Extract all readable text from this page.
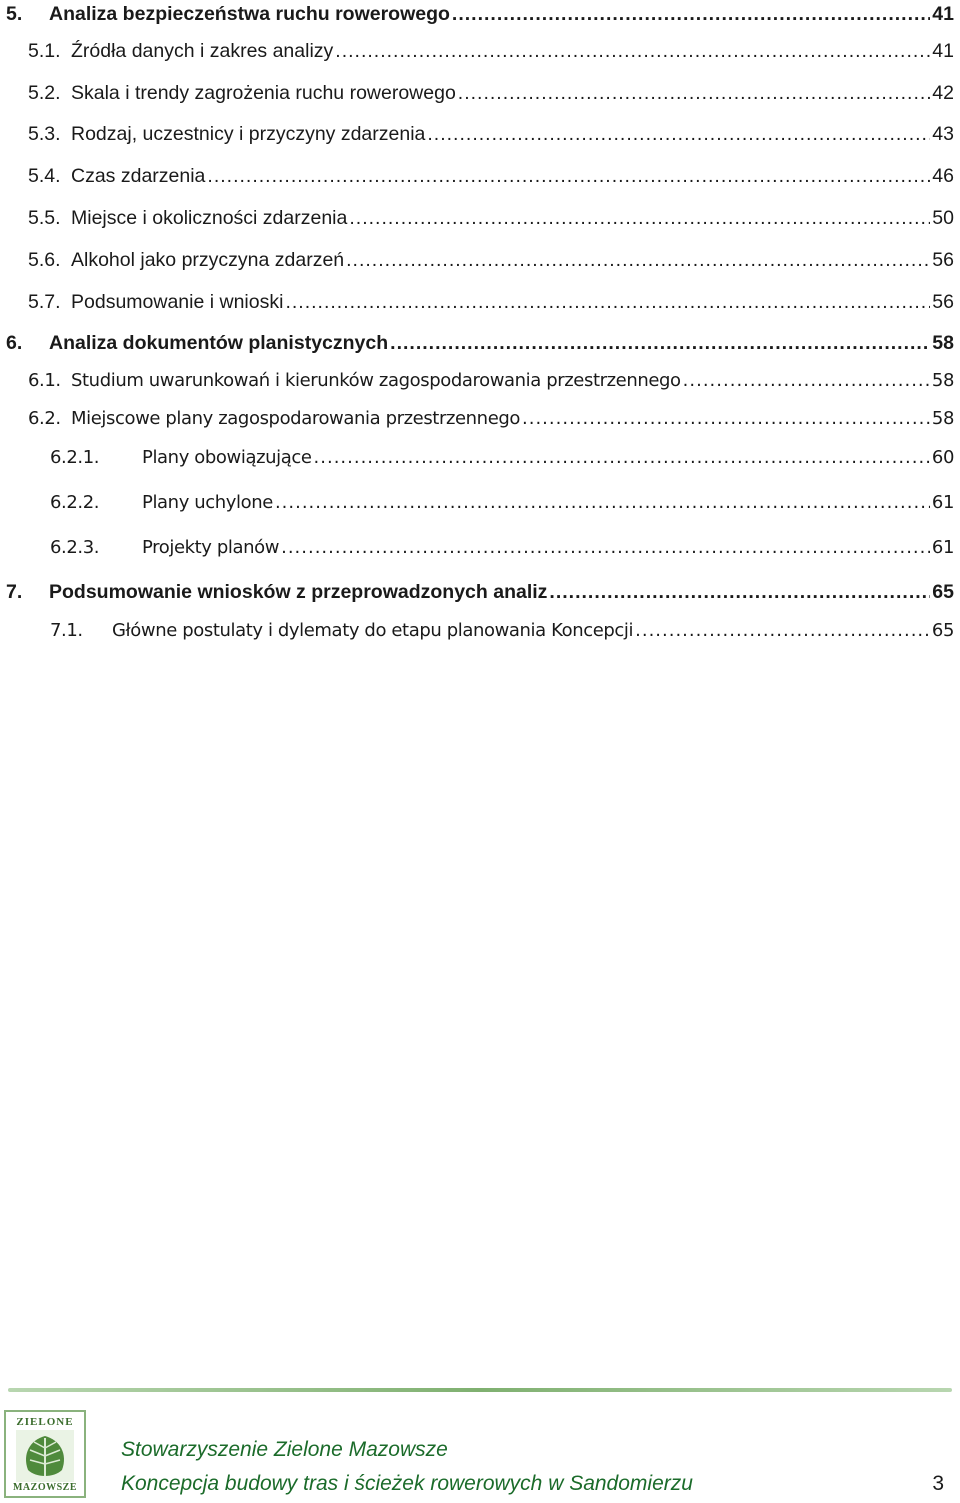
5.	Analiza bezpieczeństwa ruchu rowerowego .....	41
5.1. Źródła danych i zakres analizy .....	41
5.2. Skala i trendy zagrożenia ruchu rowerowego .....	42
5.3. Rodzaj, uczestnicy i przyczyny zdarzenia .....	43
5.4. Czas zdarzenia .....	46
5.5. Miejsce i okoliczności zdarzenia .....	50
5.6. Alkohol jako przyczyna zdarzeń .....	56
5.7. Podsumowanie i wnioski .....	56
6.	Analiza dokumentów planistycznych .....	58
6.1. Studium uwarunkowań i kierunków zagospodarowania przestrzennego .....	58
6.2. Miejscowe plany zagospodarowania przestrzennego .....	58
6.2.1.	Plany obowiązujące .....	60
6.2.2.	Plany uchylone .....	61
6.2.3.	Projekty planów .....	61
7.	Podsumowanie wniosków z przeprowadzonych analiz .....	65
7.1.	Główne postulaty i dylematy do etapu planowania Koncepcji .....	65
ZIELONE
MAZOWSZE
Stowarzyszenie Zielone Mazowsze
Koncepcja budowy tras i ścieżek rowerowych w Sandomierzu	3
